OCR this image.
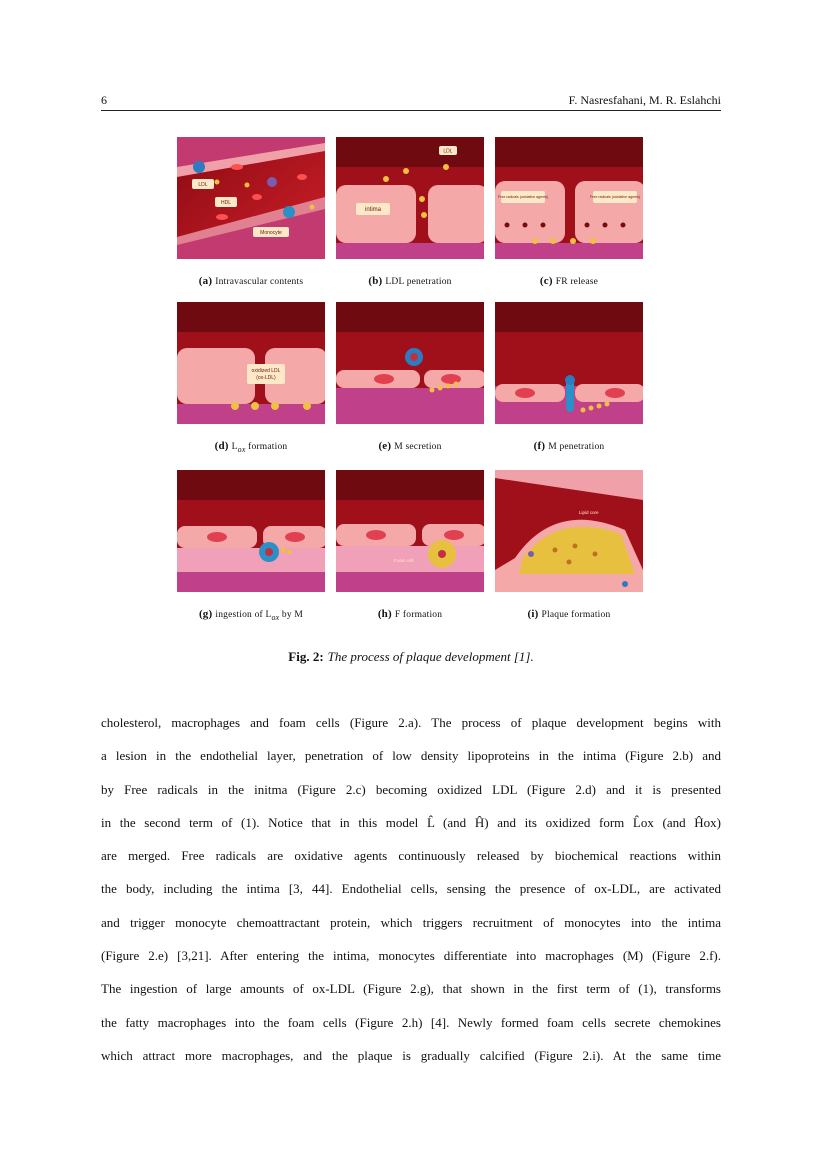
6	F. Nasresfahani, M. R. Eslahchi
LDL
HDL
Monocyte
LDL
intima
Free radicals (oxidative agents)	Free radicals (oxidative agents)
(a) Intravascular contents	(b) LDL penetration	(c) FR release
oxidized LDL
(ox-LDL)
(d) $L_{ox}$ formation	(e) M secretion	(f) M penetration
Foam cell
Lipid core
(g) ingestion of $L_{ox}$ by M	(h) F formation	(i) Plaque formation
Fig. 2: The process of plaque development [1].
cholesterol, macrophages and foam cells (Figure 2.a). The process of plaque development begins with
a lesion in the endothelial layer, penetration of low density lipoproteins in the intima (Figure 2.b) and
by Free radicals in the initma (Figure 2.c) becoming oxidized LDL (Figure 2.d) and it is presented
in the second term of (1). Notice that in this model L̂ (and Ĥ) and its oxidized form L̂ox (and Ĥox)
are merged. Free radicals are oxidative agents continuously released by biochemical reactions within
the body, including the intima [3, 44]. Endothelial cells, sensing the presence of ox-LDL, are activated
and trigger monocyte chemoattractant protein, which triggers recruitment of monocytes into the intima
(Figure 2.e) [3,21]. After entering the intima, monocytes differentiate into macrophages (M) (Figure 2.f).
The ingestion of large amounts of ox-LDL (Figure 2.g), that shown in the first term of (1), transforms
the fatty macrophages into the foam cells (Figure 2.h) [4]. Newly formed foam cells secrete chemokines
which attract more macrophages, and the plaque is gradually calcified (Figure 2.i). At the same time
